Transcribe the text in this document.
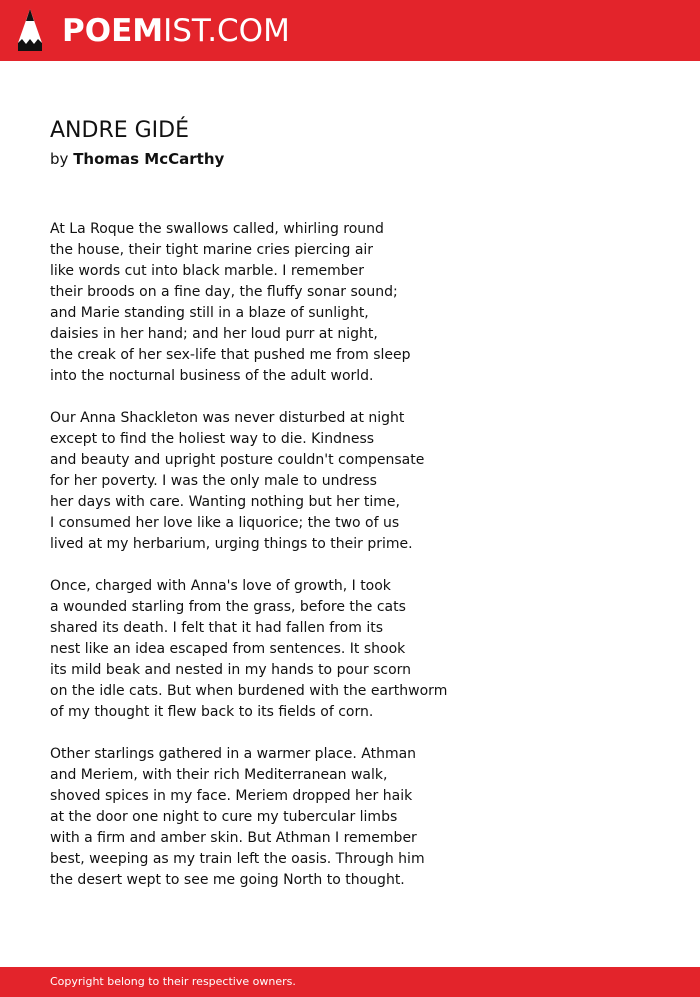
POEMIST.COM
ANDRE GIDÉ
by Thomas McCarthy
At La Roque the swallows called, whirling round
the house, their tight marine cries piercing air
like words cut into black marble. I remember
their broods on a fine day, the fluffy sonar sound;
and Marie standing still in a blaze of sunlight,
daisies in her hand; and her loud purr at night,
the creak of her sex-life that pushed me from sleep
into the nocturnal business of the adult world.
Our Anna Shackleton was never disturbed at night
except to find the holiest way to die. Kindness
and beauty and upright posture couldn't compensate
for her poverty. I was the only male to undress
her days with care. Wanting nothing but her time,
I consumed her love like a liquorice; the two of us
lived at my herbarium, urging things to their prime.
Once, charged with Anna's love of growth, I took
a wounded starling from the grass, before the cats
shared its death. I felt that it had fallen from its
nest like an idea escaped from sentences. It shook
its mild beak and nested in my hands to pour scorn
on the idle cats. But when burdened with the earthworm
of my thought it flew back to its fields of corn.
Other starlings gathered in a warmer place. Athman
and Meriem, with their rich Mediterranean walk,
shoved spices in my face. Meriem dropped her haik
at the door one night to cure my tubercular limbs
with a firm and amber skin. But Athman I remember
best, weeping as my train left the oasis. Through him
the desert wept to see me going North to thought.
Copyright belong to their respective owners.
